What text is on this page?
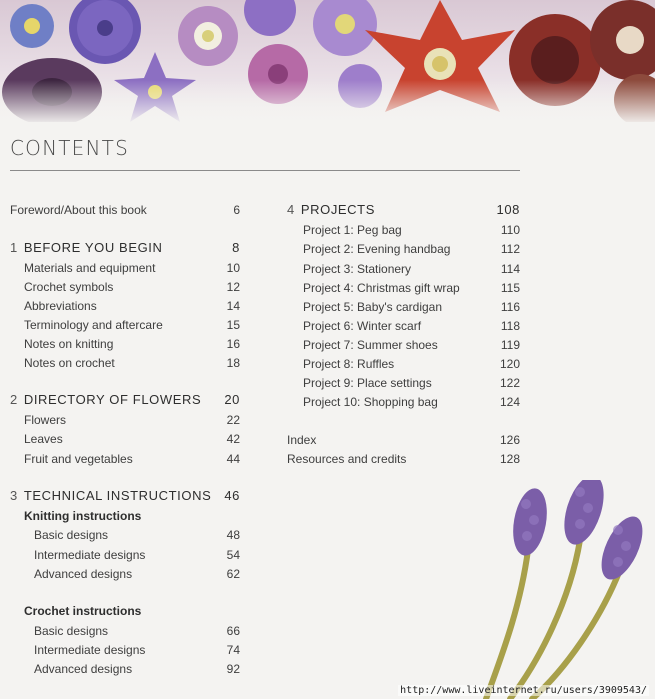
CONTENTS
Foreword/About this book	6
1 BEFORE YOU BEGIN	8
Materials and equipment	10
Crochet symbols	12
Abbreviations	14
Terminology and aftercare	15
Notes on knitting	16
Notes on crochet	18
2 DIRECTORY OF FLOWERS	20
Flowers	22
Leaves	42
Fruit and vegetables	44
3 TECHNICAL INSTRUCTIONS 46
Knitting instructions
Basic designs	48
Intermediate designs	54
Advanced designs	62
Crochet instructions
Basic designs	66
Intermediate designs	74
Advanced designs	92
4 PROJECTS	108
Project 1: Peg bag	110
Project 2: Evening handbag	112
Project 3: Stationery	114
Project 4: Christmas gift wrap	115
Project 5: Baby's cardigan	116
Project 6: Winter scarf	118
Project 7: Summer shoes	119
Project 8: Ruffles	120
Project 9: Place settings	122
Project 10: Shopping bag	124
Index	126
Resources and credits	128
http://www.liveinternet.ru/users/3909543/
